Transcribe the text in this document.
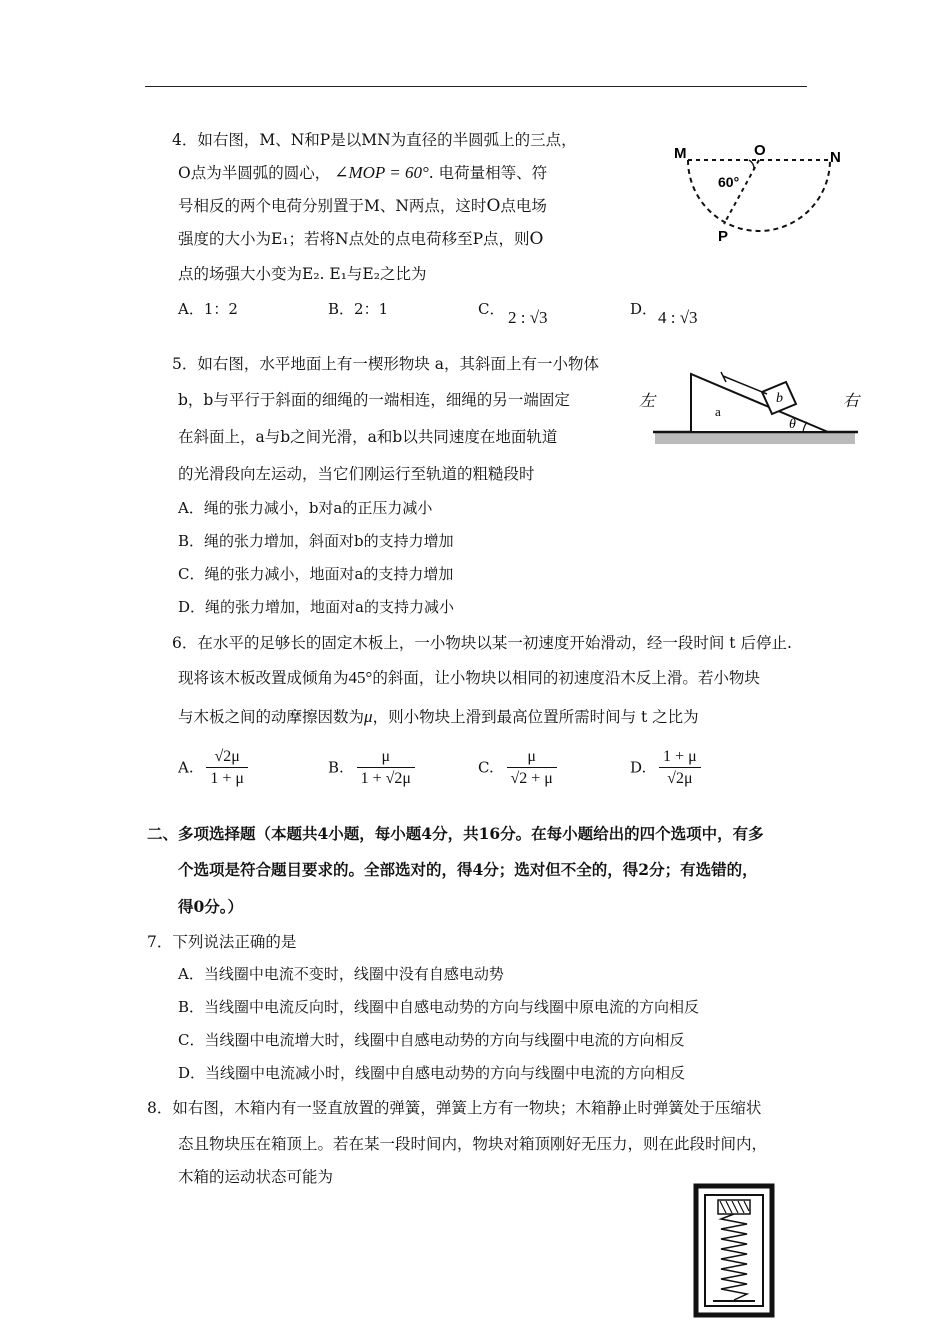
4．如右图，M、N和P是以MN为直径的半圆弧上的三点，
O点为半圆弧的圆心， ∠MOP = 60°. 电荷量相等、符
号相反的两个电荷分别置于M、N两点，这时O点电场
强度的大小为E₁；若将N点处的点电荷移至P点，则O
点的场强大小变为E₂. E₁与E₂之比为
A．1：2	B．2：1	C． 2 : √3	D． 4 : √3
M	O	N
60°
P
5．如右图，水平地面上有一楔形物块 a，其斜面上有一小物体
b，b与平行于斜面的细绳的一端相连，细绳的另一端固定
在斜面上，a与b之间光滑，a和b以共同速度在地面轨道
的光滑段向左运动，当它们刚运行至轨道的粗糙段时
A．绳的张力减小，b对a的正压力减小
B．绳的张力增加，斜面对b的支持力增加
C．绳的张力减小，地面对a的支持力增加
D．绳的张力增加，地面对a的支持力减小
左	右
a
b
θ
6．在水平的足够长的固定木板上，一小物块以某一初速度开始滑动，经一段时间 t 后停止.
现将该木板改置成倾角为45°的斜面，让小物块以相同的初速度沿木反上滑。若小物块
与木板之间的动摩擦因数为μ，则小物块上滑到最高位置所需时间与 t 之比为
A. $\frac{√2\mu}{1 + \mu}$	B. $\frac{\mu}{1 + √2\mu}$	C. $\frac{\mu}{√2 + \mu}$	D. $\frac{1 + \mu}{√2\mu}$
二、多项选择题（本题共4小题，每小题4分，共16分。在每小题给出的四个选项中，有多
个选项是符合题目要求的。全部选对的，得4分；选对但不全的，得2分；有选错的，
得0分。）
7．下列说法正确的是
A．当线圈中电流不变时，线圈中没有自感电动势
B．当线圈中电流反向时，线圈中自感电动势的方向与线圈中原电流的方向相反
C．当线圈中电流增大时，线圈中自感电动势的方向与线圈中电流的方向相反
D．当线圈中电流减小时，线圈中自感电动势的方向与线圈中电流的方向相反
8．如右图，木箱内有一竖直放置的弹簧，弹簧上方有一物块；木箱静止时弹簧处于压缩状
态且物块压在箱顶上。若在某一段时间内，物块对箱顶刚好无压力，则在此段时间内，
木箱的运动状态可能为
